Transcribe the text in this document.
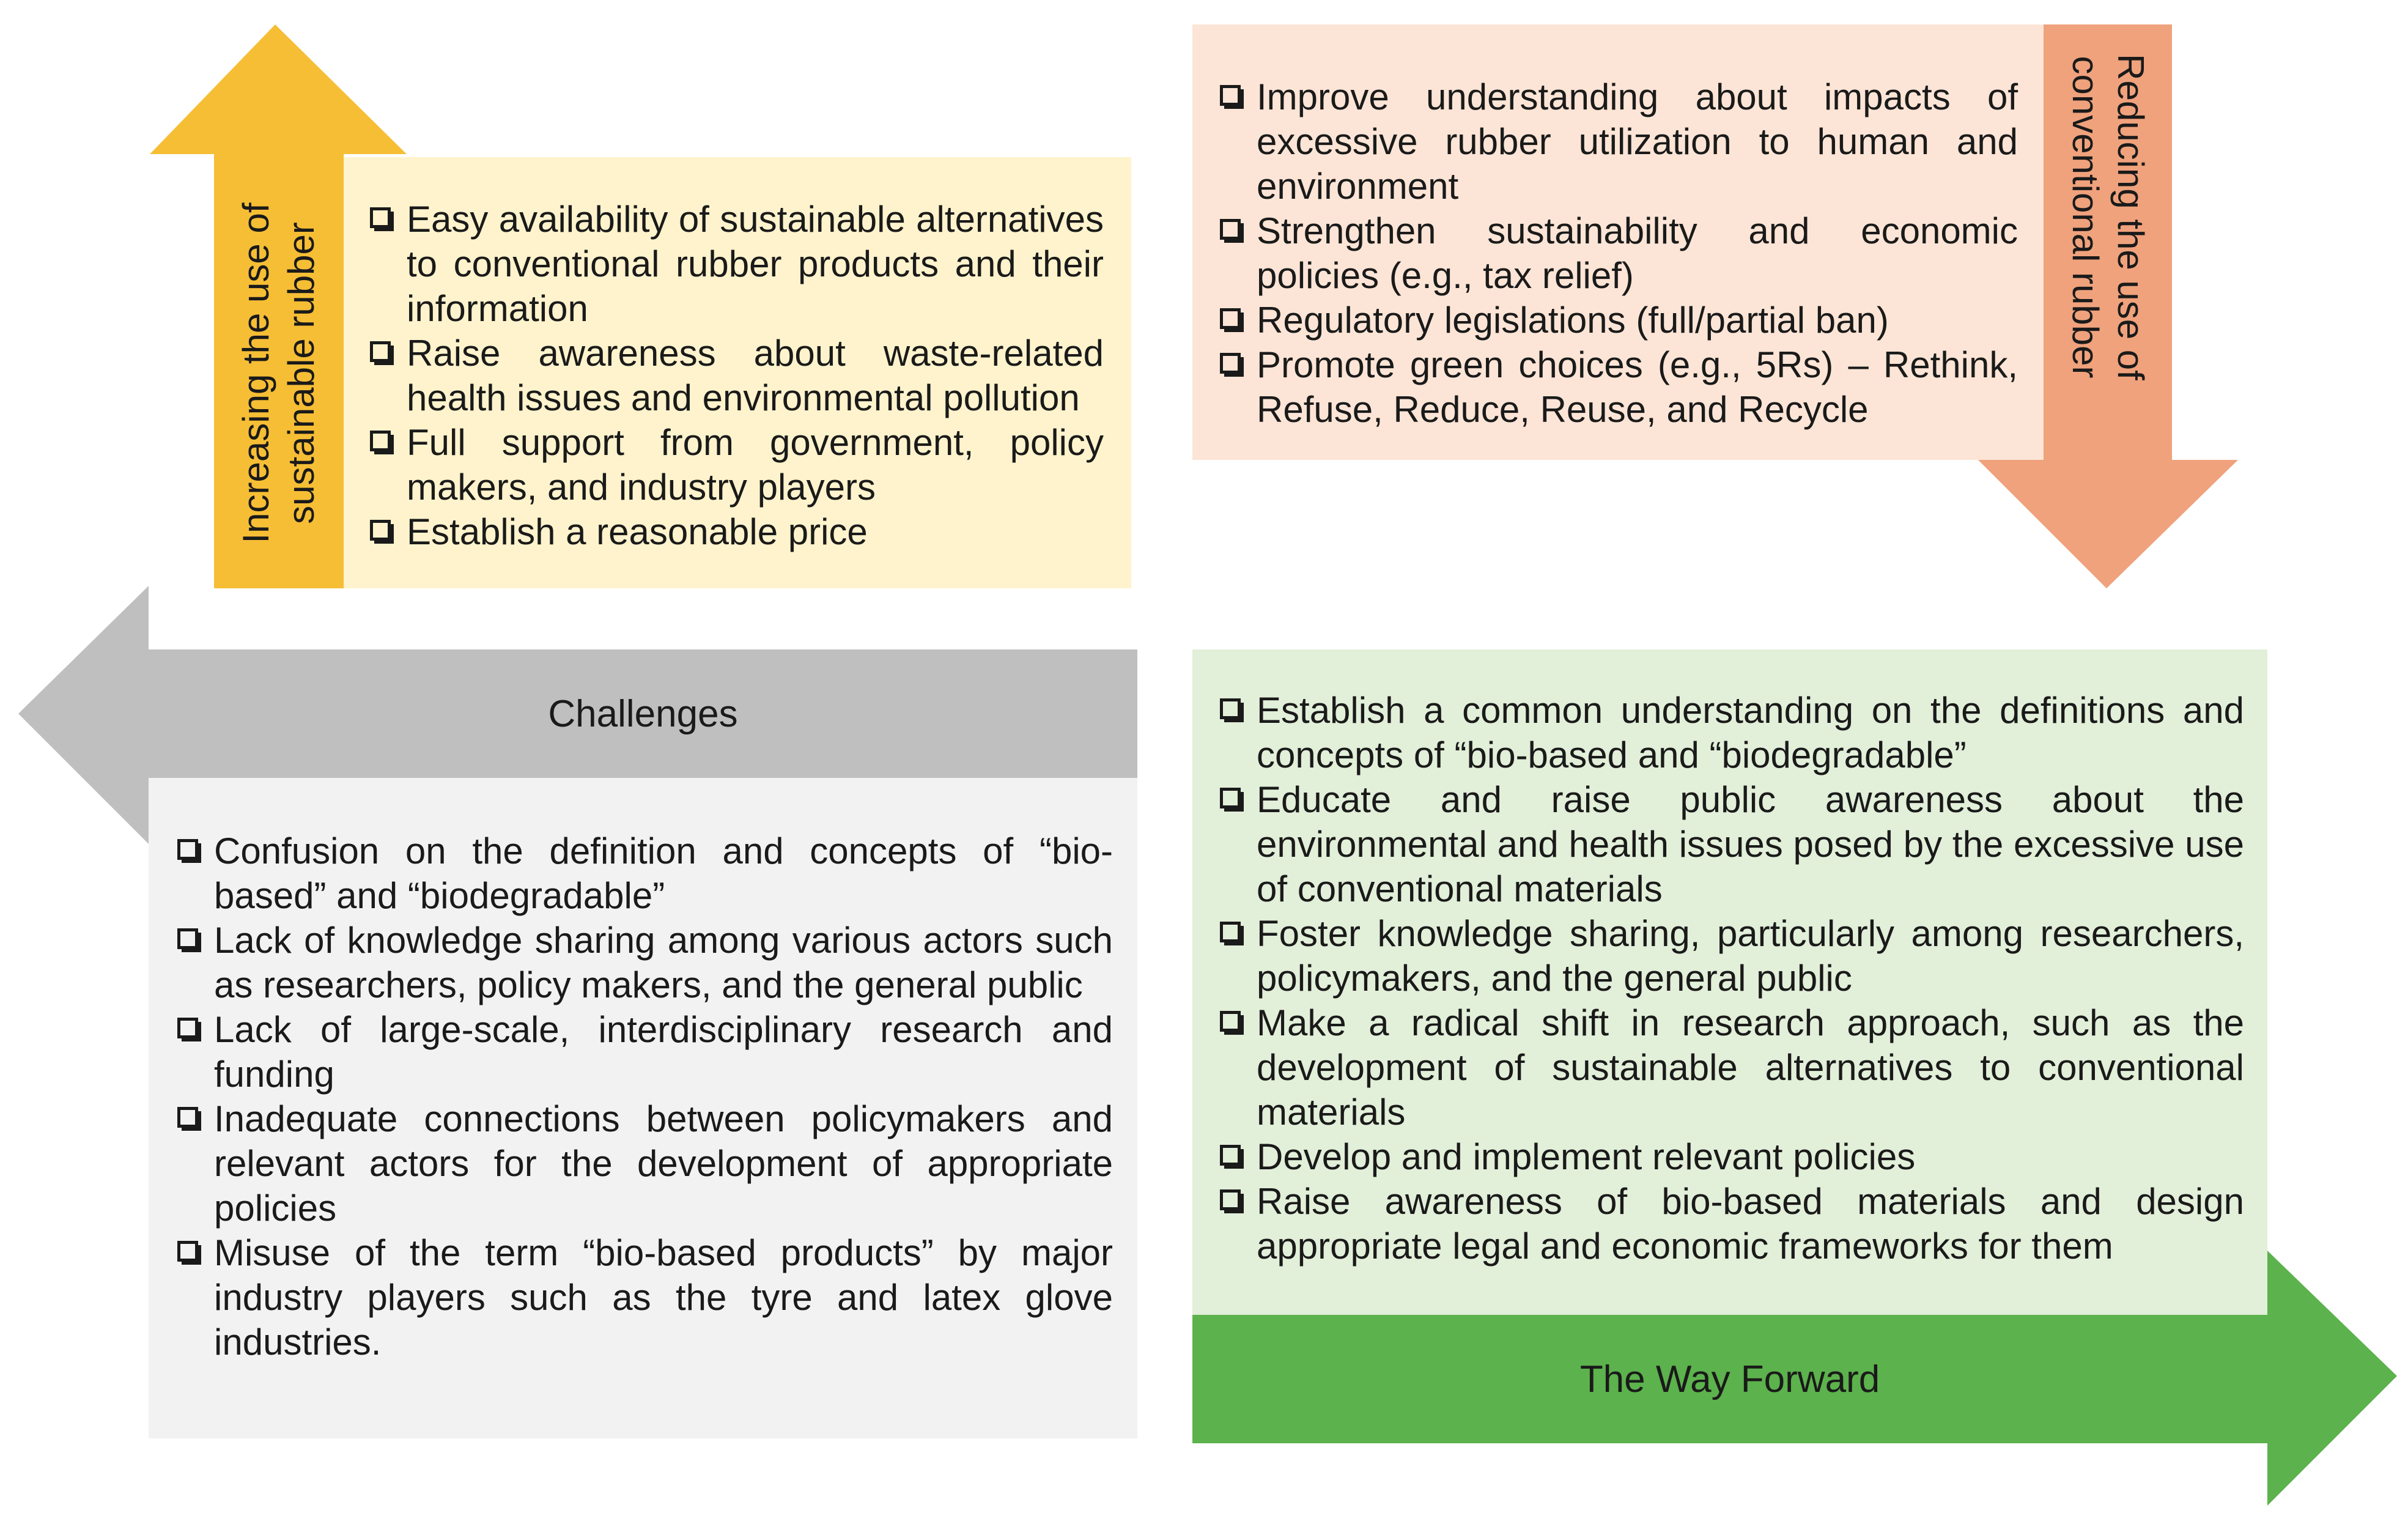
Increasing the use of sustainable rubber
Easy availability of sustainable alternatives to conventional rubber products and their information
Raise awareness about waste-related health issues and environmental pollution
Full support from government, policy makers, and industry players
Establish a reasonable price
Reducing the use of
conventional rubber
Improve understanding about impacts of excessive rubber utilization to human and environment
Strengthen sustainability and economic policies (e.g., tax relief)
Regulatory legislations (full/partial ban)
Promote green choices (e.g., 5Rs) – Rethink, Refuse, Reduce, Reuse, and Recycle
Challenges
Confusion on the definition and concepts of “bio-based” and “biodegradable”
Lack of knowledge sharing among various actors such as researchers, policy makers, and the general public
Lack of large-scale, interdisciplinary research and funding
Inadequate connections between policymakers and relevant actors for the development of appropriate policies
Misuse of the term “bio-based products” by major industry players such as the tyre and latex glove industries.
Establish a common understanding on the definitions and concepts of “bio-based and “biodegradable”
Educate and raise public awareness about the environmental and health issues posed by the excessive use of conventional materials
Foster knowledge sharing, particularly among researchers, policymakers, and the general public
Make a radical shift in research approach, such as the development of sustainable alternatives to conventional materials
Develop and implement relevant policies
Raise awareness of bio-based materials and design appropriate legal and economic frameworks for them
The Way Forward
